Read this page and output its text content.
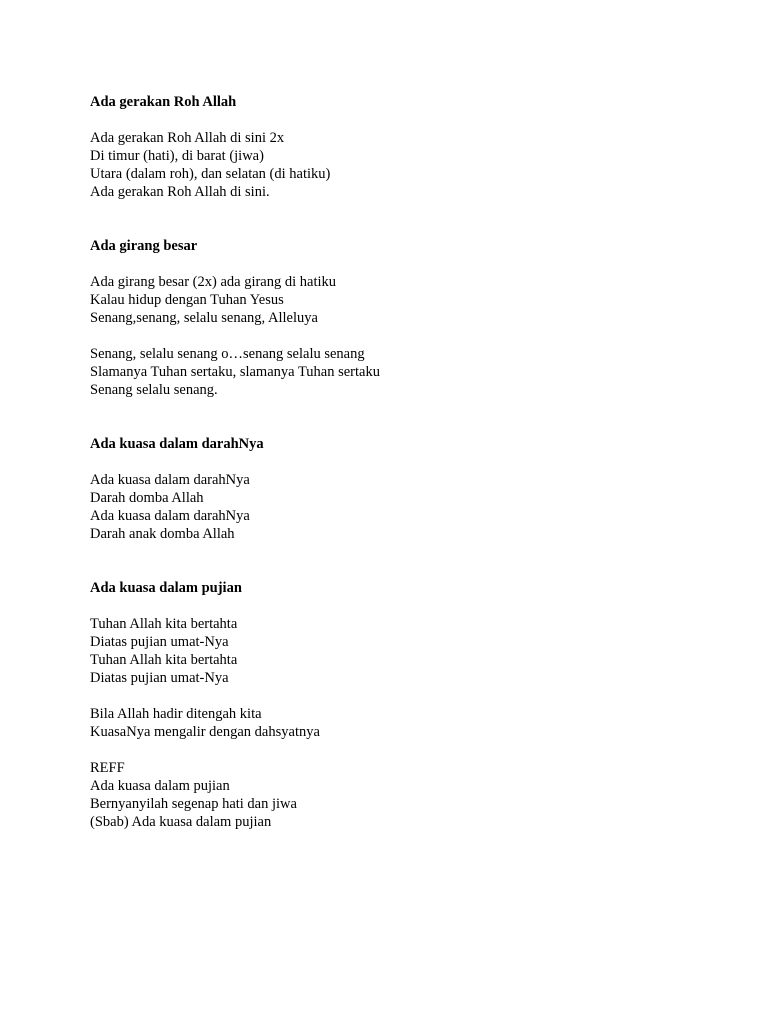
Ada gerakan Roh Allah
Ada gerakan Roh Allah di sini 2x
Di timur (hati), di barat (jiwa)
Utara (dalam roh), dan selatan (di hatiku)
Ada gerakan Roh Allah di sini.
Ada girang besar
Ada girang besar (2x) ada girang di hatiku
Kalau hidup dengan Tuhan Yesus
Senang,senang, selalu senang, Alleluya
Senang, selalu senang o…senang selalu senang
Slamanya Tuhan sertaku, slamanya Tuhan sertaku
Senang selalu senang.
Ada kuasa dalam darahNya
Ada kuasa dalam darahNya
Darah domba Allah
Ada kuasa dalam darahNya
Darah anak domba Allah
Ada kuasa dalam pujian
Tuhan Allah kita bertahta
Diatas pujian umat-Nya
Tuhan Allah kita bertahta
Diatas pujian umat-Nya
Bila Allah hadir ditengah kita
KuasaNya mengalir dengan dahsyatnya
REFF
Ada kuasa dalam pujian
Bernyanyilah segenap hati dan jiwa
(Sbab) Ada kuasa dalam pujian
